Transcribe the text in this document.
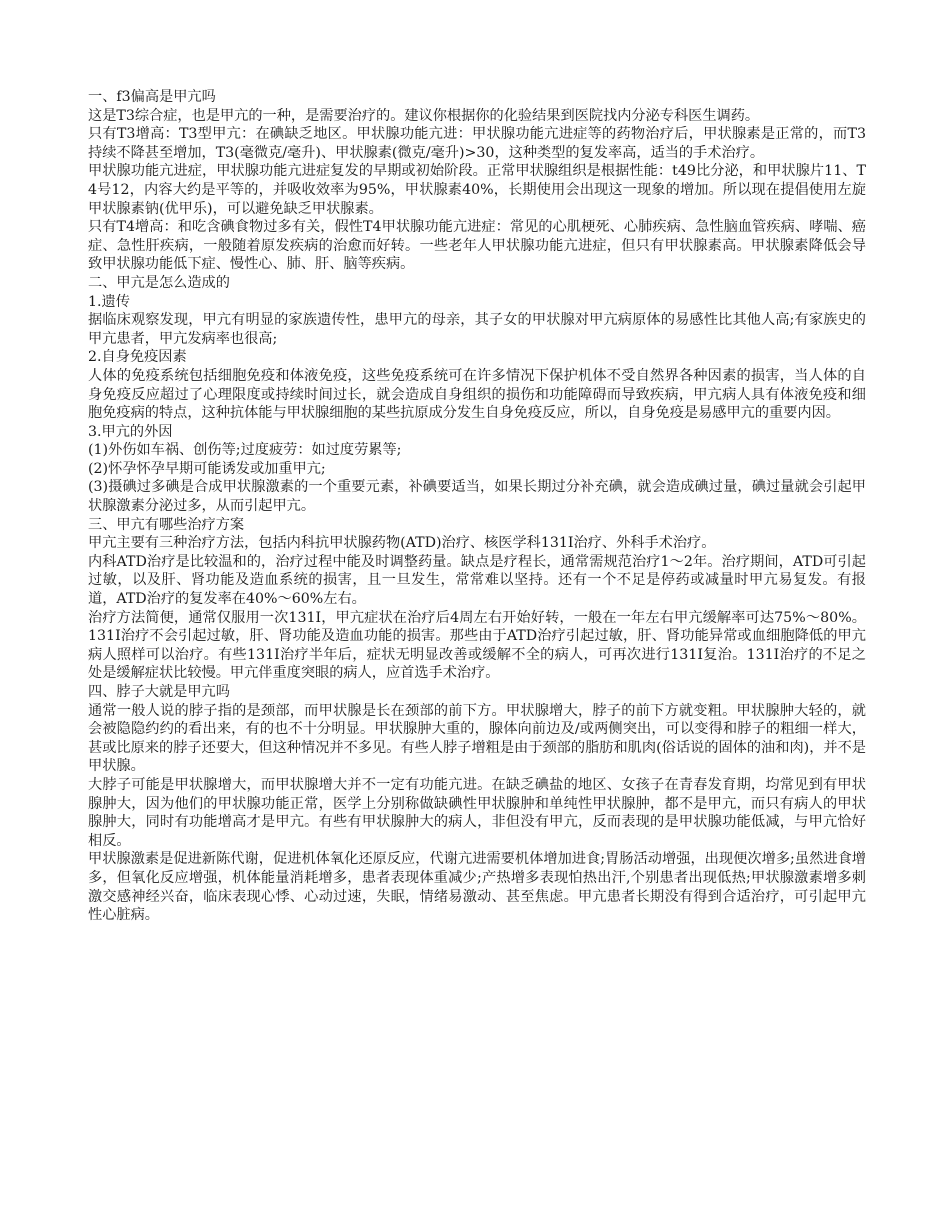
一、f3偏高是甲亢吗
这是T3综合症，也是甲亢的一种，是需要治疗的。建议你根据你的化验结果到医院找内分泌专科医生调药。
只有T3增高：T3型甲亢：在碘缺乏地区。甲状腺功能亢进：甲状腺功能亢进症等的药物治疗后，甲状腺素是正常的，而T3持续不降甚至增加，T3(毫微克/毫升)、甲状腺素(微克/毫升)>30，这种类型的复发率高，适当的手术治疗。
甲状腺功能亢进症，甲状腺功能亢进症复发的早期或初始阶段。正常甲状腺组织是根据性能：t49比分泌，和甲状腺片11、T4号12，内容大约是平等的，并吸收效率为95%，甲状腺素40%，长期使用会出现这一现象的增加。所以现在提倡使用左旋甲状腺素钠(优甲乐)，可以避免缺乏甲状腺素。
只有T4增高：和吃含碘食物过多有关，假性T4甲状腺功能亢进症：常见的心肌梗死、心肺疾病、急性脑血管疾病、哮喘、癌症、急性肝疾病，一般随着原发疾病的治愈而好转。一些老年人甲状腺功能亢进症，但只有甲状腺素高。甲状腺素降低会导致甲状腺功能低下症、慢性心、肺、肝、脑等疾病。
二、甲亢是怎么造成的
1.遗传
据临床观察发现，甲亢有明显的家族遗传性，患甲亢的母亲，其子女的甲状腺对甲亢病原体的易感性比其他人高;有家族史的甲亢患者，甲亢发病率也很高;
2.自身免疫因素
人体的免疫系统包括细胞免疫和体液免疫，这些免疫系统可在许多情况下保护机体不受自然界各种因素的损害，当人体的自身免疫反应超过了心理限度或持续时间过长，就会造成自身组织的损伤和功能障碍而导致疾病，甲亢病人具有体液免疫和细胞免疫病的特点，这种抗体能与甲状腺细胞的某些抗原成分发生自身免疫反应，所以，自身免疫是易感甲亢的重要内因。
3.甲亢的外因
(1)外伤如车祸、创伤等;过度疲劳：如过度劳累等;
(2)怀孕怀孕早期可能诱发或加重甲亢;
(3)摄碘过多碘是合成甲状腺激素的一个重要元素，补碘要适当，如果长期过分补充碘，就会造成碘过量，碘过量就会引起甲状腺激素分泌过多，从而引起甲亢。
三、甲亢有哪些治疗方案
甲亢主要有三种治疗方法，包括内科抗甲状腺药物(ATD)治疗、核医学科131I治疗、外科手术治疗。
内科ATD治疗是比较温和的，治疗过程中能及时调整药量。缺点是疗程长，通常需规范治疗1～2年。治疗期间，ATD可引起过敏，以及肝、肾功能及造血系统的损害，且一旦发生，常常难以坚持。还有一个不足是停药或减量时甲亢易复发。有报道，ATD治疗的复发率在40%～60%左右。
治疗方法简便，通常仅服用一次131I，甲亢症状在治疗后4周左右开始好转，一般在一年左右甲亢缓解率可达75%～80%。131I治疗不会引起过敏，肝、肾功能及造血功能的损害。那些由于ATD治疗引起过敏，肝、肾功能异常或血细胞降低的甲亢病人照样可以治疗。有些131I治疗半年后，症状无明显改善或缓解不全的病人，可再次进行131I复治。131I治疗的不足之处是缓解症状比较慢。甲亢伴重度突眼的病人，应首选手术治疗。
四、脖子大就是甲亢吗
通常一般人说的脖子指的是颈部，而甲状腺是长在颈部的前下方。甲状腺增大，脖子的前下方就变粗。甲状腺肿大轻的，就会被隐隐约约的看出来，有的也不十分明显。甲状腺肿大重的，腺体向前边及/或两侧突出，可以变得和脖子的粗细一样大，甚或比原来的脖子还要大，但这种情况并不多见。有些人脖子增粗是由于颈部的脂肪和肌肉(俗话说的固体的油和肉)，并不是甲状腺。
大脖子可能是甲状腺增大，而甲状腺增大并不一定有功能亢进。在缺乏碘盐的地区、女孩子在青春发育期，均常见到有甲状腺肿大，因为他们的甲状腺功能正常，医学上分别称做缺碘性甲状腺肿和单纯性甲状腺肿，都不是甲亢，而只有病人的甲状腺肿大，同时有功能增高才是甲亢。有些有甲状腺肿大的病人，非但没有甲亢，反而表现的是甲状腺功能低减，与甲亢恰好相反。
甲状腺激素是促进新陈代谢，促进机体氧化还原反应，代谢亢进需要机体增加进食;胃肠活动增强，出现便次增多;虽然进食增多，但氧化反应增强，机体能量消耗增多，患者表现体重减少;产热增多表现怕热出汗,个别患者出现低热;甲状腺激素增多刺激交感神经兴奋，临床表现心悸、心动过速，失眠，情绪易激动、甚至焦虑。甲亢患者长期没有得到合适治疗，可引起甲亢性心脏病。
